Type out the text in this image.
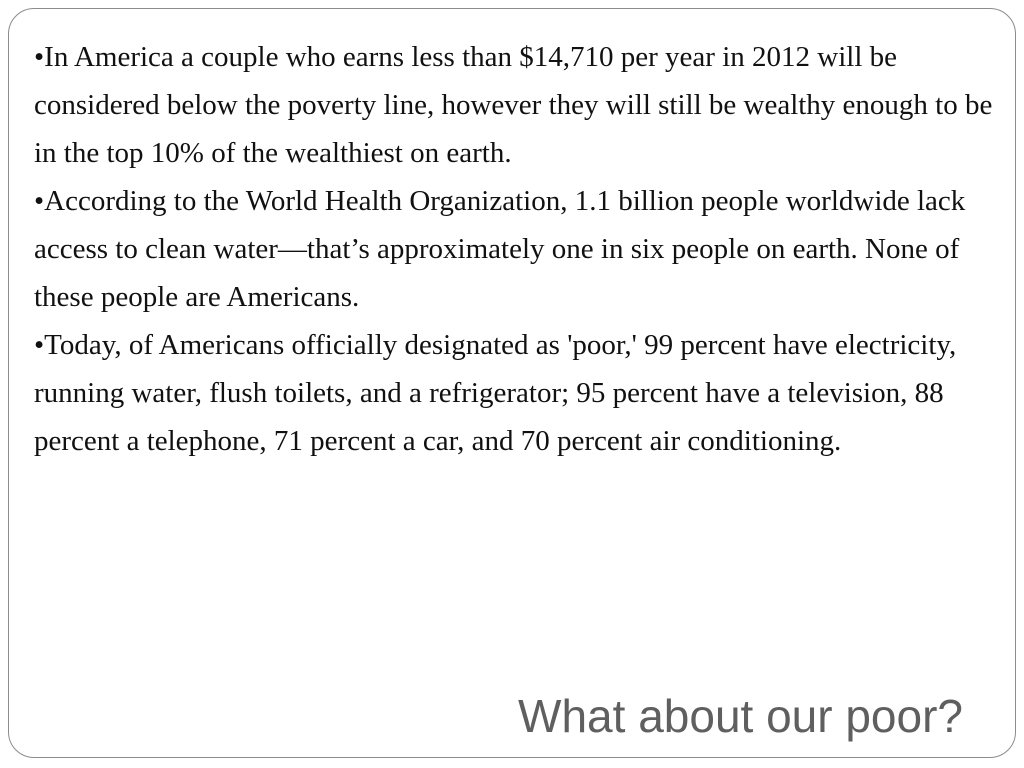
•In America a couple who earns less than $14,710 per year in 2012 will be considered below the poverty line, however they will still be wealthy enough to be in the top 10% of the wealthiest on earth.

•According to the World Health Organization, 1.1 billion people worldwide lack access to clean water—that’s approximately one in six people on earth. None of these people are Americans.

•Today, of Americans officially designated as 'poor,' 99 percent have electricity, running water, flush toilets, and a refrigerator; 95 percent have a television, 88 percent a telephone, 71 percent a car, and 70 percent air conditioning.

What about our poor?
